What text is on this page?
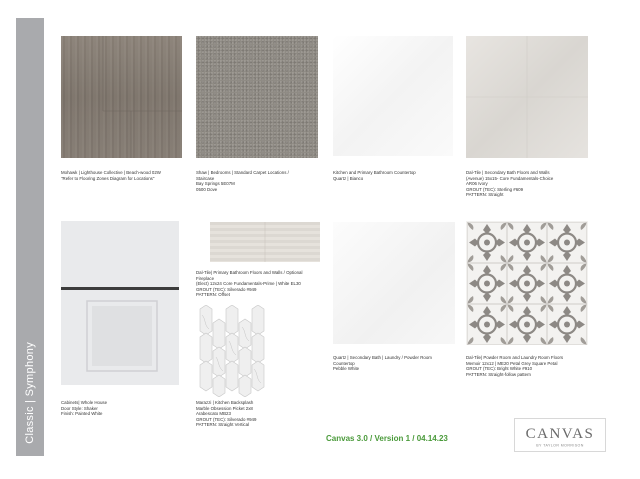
Classic | Symphony
Mohawk | Lighthouse Collective | Beach-wood 02W
"Refer to Flooring Zones Diagram for Locations"
Shaw | Bedrooms | Standard Carpet Locations /
Staircase
Bay Springs 5E07M
0500 Dove
Kitchen and Primary Bathroom Countertop
Quartz | Bianco
Dal-Tile | Secondary Bath Floors and Walls
(Avenue) 15x15- Core Fundamentals-Choice
AR06 Ivory
GROUT (TEC): Sterling #609
PATTERN: Straight
Cabinets| Whole House
Door Style: Shaker
Finish: Painted White
Dal-Tile| Primary Bathroom Floors and Walls / Optional
Fireplace
(Elect) 12x24 Core Fundamentals-Prime | White EL30
GROUT (TEC): Silverado #949
PATTERN: Offset
Quartz | Secondary Bath | Laundry / Powder Room
Countertop
Pebble White
Dal-Tile| Powder Room and Laundry Room Floors
Memoir 12x12 | ME20 Petal Grey Square Petal
GROUT (TEC): Bright White #910
PATTERN: Straight-follow pattern
Marazzi | Kitchen Backsplash
Marble Obsession Picket 2x8
Arabescato MB23
GROUT (TEC): Silverado #949
PATTERN: Straight Vertical
Canvas 3.0 / Version 1 / 04.14.23	CANVAS
BY TAYLOR MORRISON
